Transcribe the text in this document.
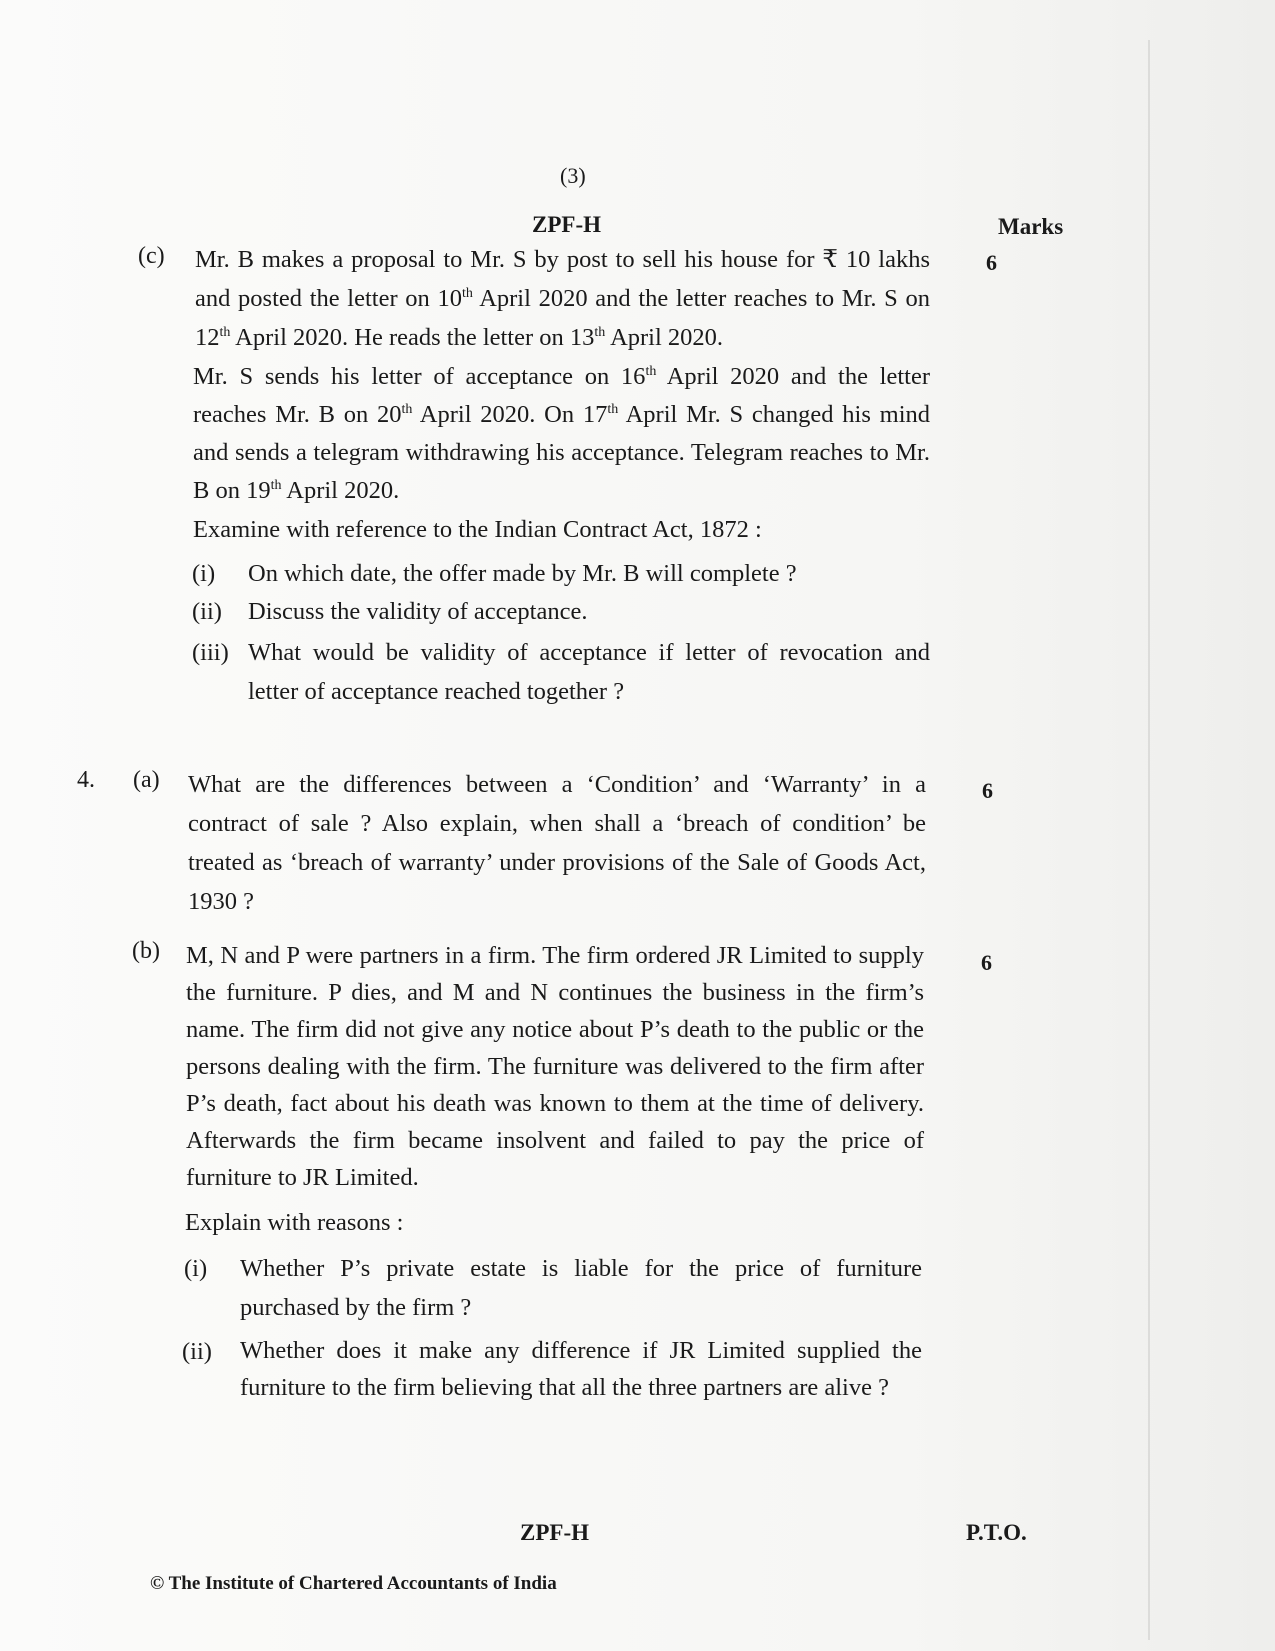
(3)
ZPF-H	Marks
(c)	6
Mr. B makes a proposal to Mr. S by post to sell his house for ₹ 10 lakhs and posted the letter on 10th April 2020 and the letter reaches to Mr. S on 12th April 2020. He reads the letter on 13th April 2020.
Mr. S sends his letter of acceptance on 16th April 2020 and the letter reaches Mr. B on 20th April 2020. On 17th April Mr. S changed his mind and sends a telegram withdrawing his acceptance. Telegram reaches to Mr. B on 19th April 2020.
Examine with reference to the Indian Contract Act, 1872 :
(i) On which date, the offer made by Mr. B will complete ?
(ii) Discuss the validity of acceptance.
(iii) What would be validity of acceptance if letter of revocation and letter of acceptance reached together ?
4. (a)	6
What are the differences between a ‘Condition’ and ‘Warranty’ in a contract of sale ? Also explain, when shall a ‘breach of condition’ be treated as ‘breach of warranty’ under provisions of the Sale of Goods Act, 1930 ?
(b)	6
M, N and P were partners in a firm. The firm ordered JR Limited to supply the furniture. P dies, and M and N continues the business in the firm’s name. The firm did not give any notice about P’s death to the public or the persons dealing with the firm. The furniture was delivered to the firm after P’s death, fact about his death was known to them at the time of delivery. Afterwards the firm became insolvent and failed to pay the price of furniture to JR Limited.
Explain with reasons :
(i) Whether P’s private estate is liable for the price of furniture purchased by the firm ?
(ii) Whether does it make any difference if JR Limited supplied the furniture to the firm believing that all the three partners are alive ?
ZPF-H	P.T.O.
© The Institute of Chartered Accountants of India
